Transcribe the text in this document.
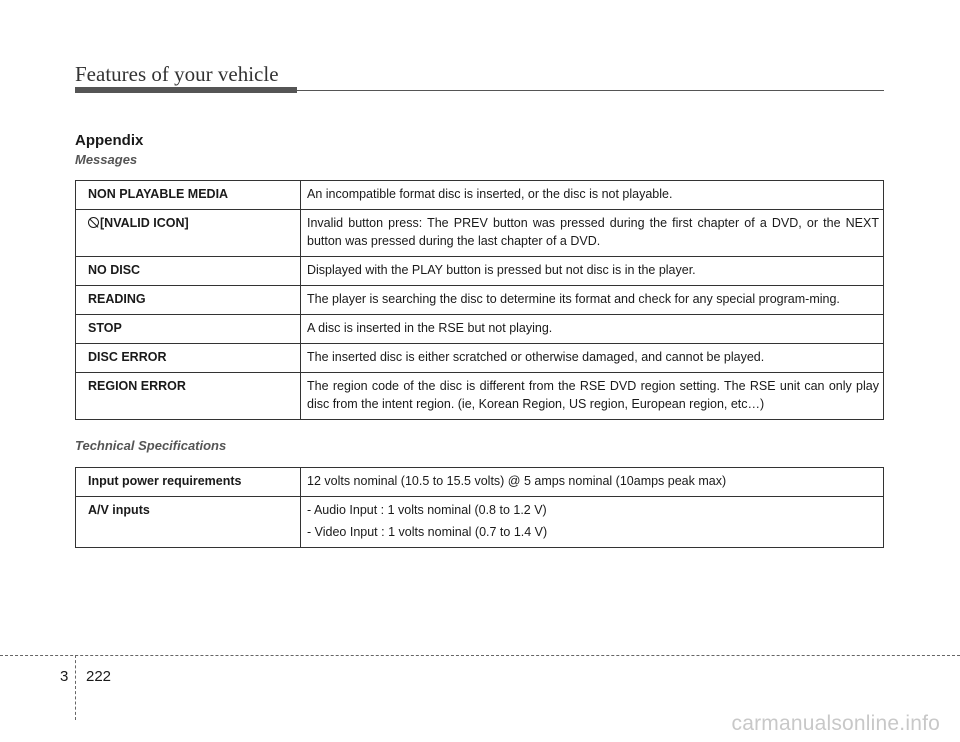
Features of your vehicle
Appendix
Messages
NON PLAYABLE MEDIA	An incompatible format disc is inserted, or the disc is not playable.
[NVALID ICON]	Invalid button press: The PREV button was pressed during the first chapter of a DVD, or the NEXT button was pressed during the last chapter of a DVD.
NO DISC	Displayed with the PLAY button is pressed but not disc is in the player.
READING	The player is searching the disc to determine its format and check for any special program-ming.
STOP	A disc is inserted in the RSE but not playing.
DISC ERROR	The inserted disc is either scratched or otherwise damaged, and cannot be played.
REGION ERROR	The region code of the disc is different from the RSE DVD region setting. The RSE unit can only play disc from the intent region. (ie, Korean Region, US region, European region, etc…)
Technical Specifications
Input power requirements	12 volts nominal (10.5 to 15.5 volts) @ 5 amps nominal (10amps peak max)
A/V inputs	- Audio Input : 1 volts nominal (0.8 to 1.2 V)
- Video Input : 1 volts nominal (0.7 to 1.4 V)
3 222
carmanualsonline.info
